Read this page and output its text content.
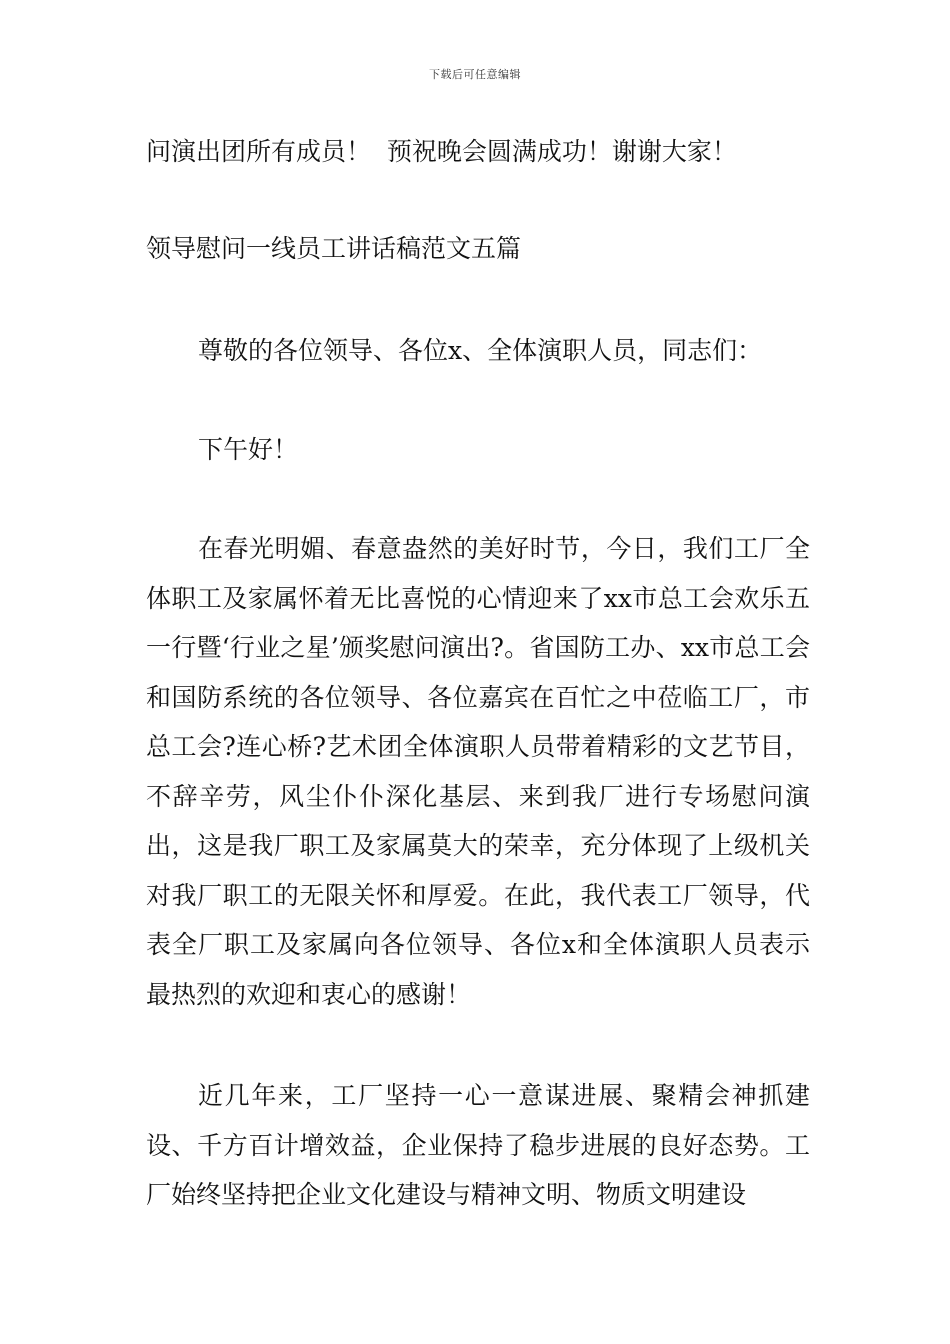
下载后可任意编辑
问演出团所有成员！  预祝晚会圆满成功！谢谢大家！
领导慰问一线员工讲话稿范文五篇
尊敬的各位领导、各位x、全体演职人员，同志们：
下午好！
在春光明媚、春意盎然的美好时节，今日，我们工厂全体职工及家属怀着无比喜悦的心情迎来了xx市总工会欢乐五一行暨‘行业之星’颁奖慰问演出?。省国防工办、xx市总工会和国防系统的各位领导、各位嘉宾在百忙之中莅临工厂，市总工会?连心桥?艺术团全体演职人员带着精彩的文艺节目，不辞辛劳，风尘仆仆深化基层、来到我厂进行专场慰问演出，这是我厂职工及家属莫大的荣幸，充分体现了上级机关对我厂职工的无限关怀和厚爱。在此，我代表工厂领导，代表全厂职工及家属向各位领导、各位x和全体演职人员表示最热烈的欢迎和衷心的感谢！
近几年来，工厂坚持一心一意谋进展、聚精会神抓建设、千方百计增效益，企业保持了稳步进展的良好态势。工厂始终坚持把企业文化建设与精神文明、物质文明建设
